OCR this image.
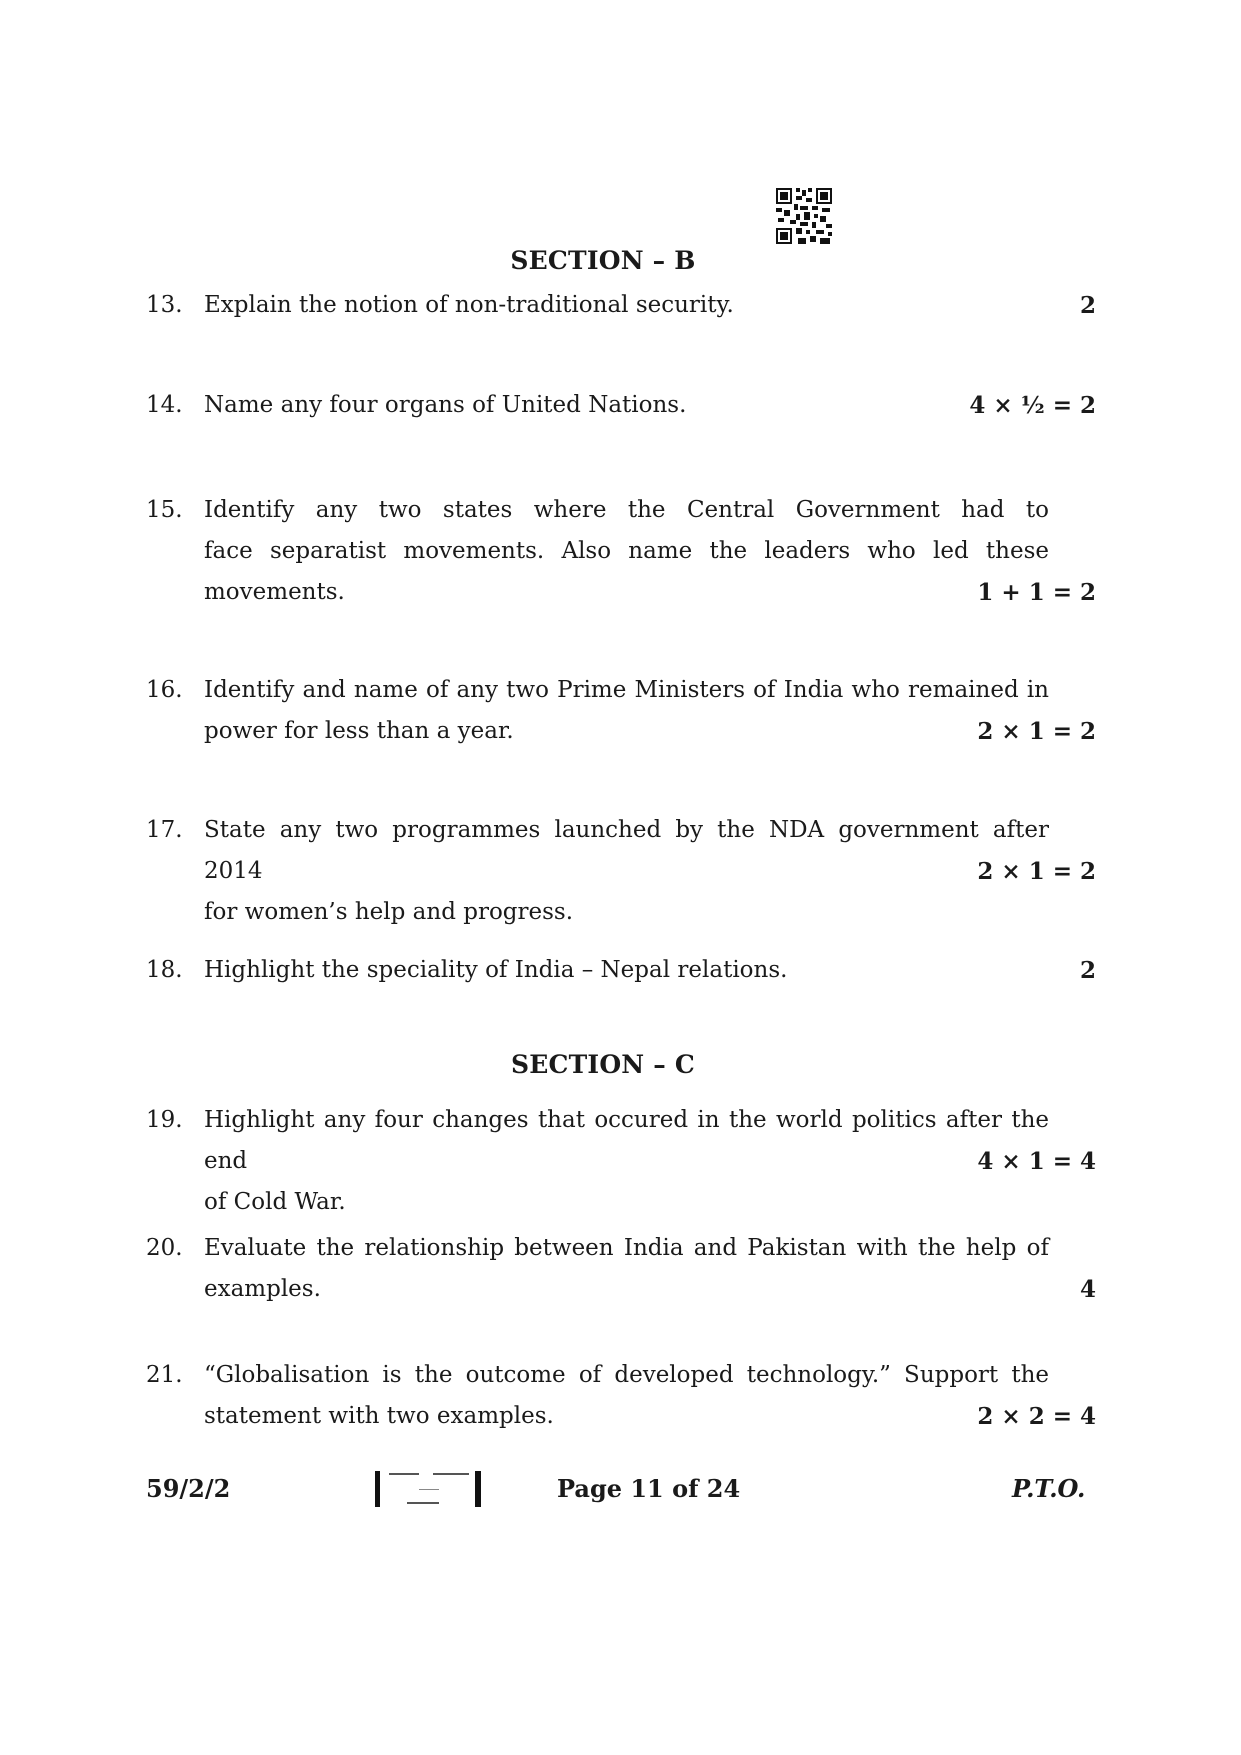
SECTION – B
13. Explain the notion of non-traditional security.	2
14. Name any four organs of United Nations.	4 × ½ = 2
15. Identify any two states where the Central Government had to
face separatist movements. Also name the leaders who led these
movements.	1 + 1 = 2
16. Identify and name of any two Prime Ministers of India who remained in
power for less than a year.	2 × 1 = 2
17. State any two programmes launched by the NDA government after 2014
for women’s help and progress.
2 × 1 = 2
18. Highlight the speciality of India – Nepal relations.	2
SECTION – C
19. Highlight any four changes that occured in the world politics after the end
of Cold War.
4 × 1 = 4
20. Evaluate the relationship between India and Pakistan with the help of
examples.	4
21. “Globalisation is the outcome of developed technology.” Support the
statement with two examples.	2 × 2 = 4
59/2/2	Page 11 of 24	P.T.O.
